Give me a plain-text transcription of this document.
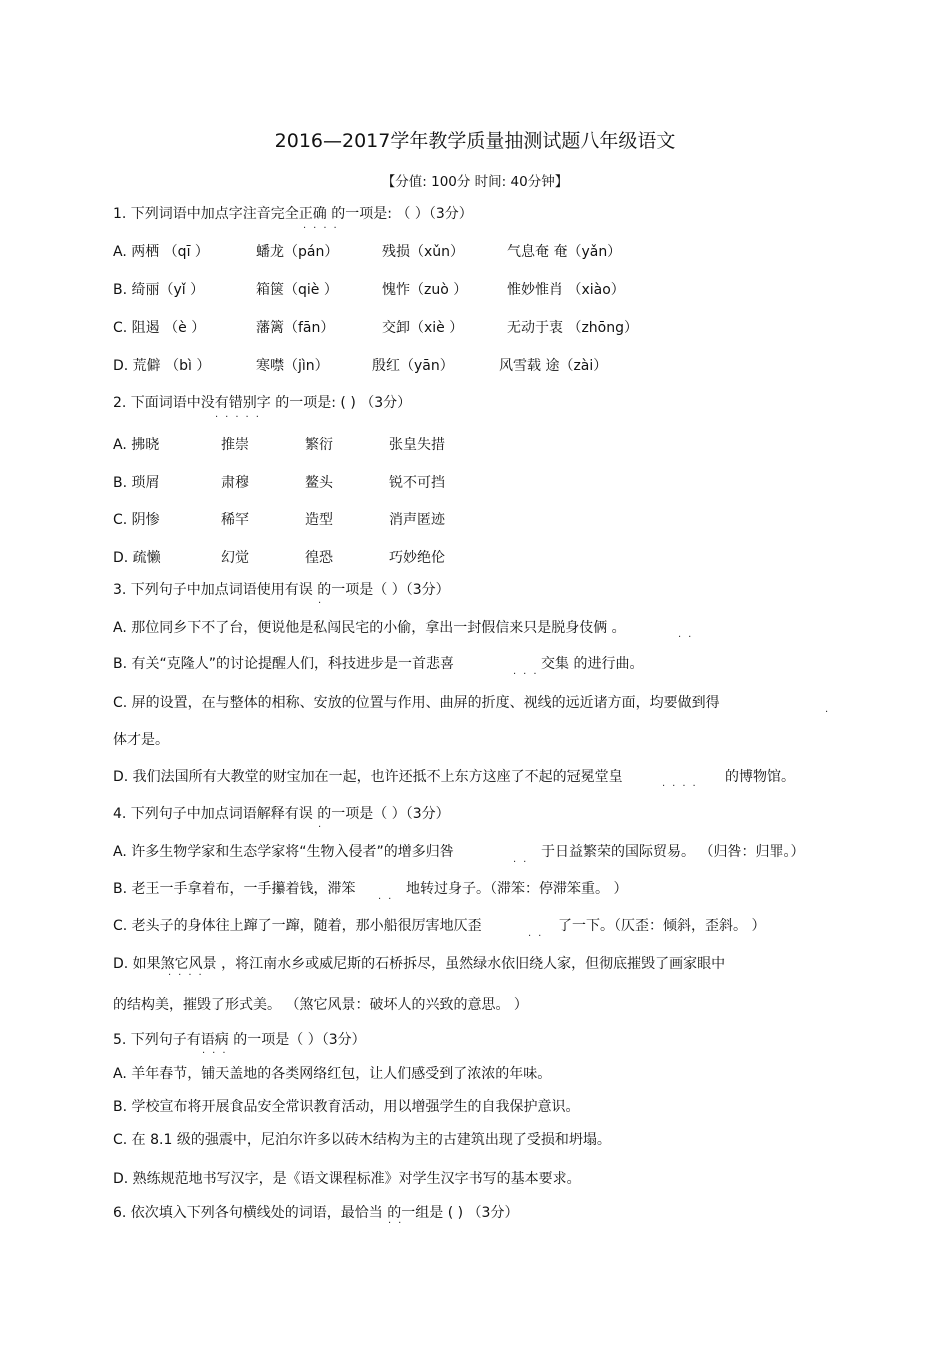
2016—2017学年教学质量抽测试题八年级语文
【分值: 100分 时间: 40分钟】
1. 下列词语中加点字注音完全正确 的一项是: （ ）（3分）
····
A. 两栖 （qī ）	蟠龙（pán）	残损（xǔn）	气息奄 奄（yǎn）
B. 绮丽（yǐ ）	箱箧（qiè ）	愧怍（zuò ）	惟妙惟肖 （xiào）
C. 阻遏 （è ）	藩篱（fān）	交卸（xiè ）	无动于衷 （zhōng）
D. 荒僻 （bì ）	寒噤（jìn）	殷红（yān）	风雪载 途（zài）
2. 下面词语中没有错别字 的一项是: ( ) （3分）
·····
A. 拂晓	推崇	繁衍	张皇失措
B. 琐屑	肃穆	鳌头	锐不可挡
C. 阴惨	稀罕	造型	消声匿迹
D. 疏懒	幻觉	徨恐	巧妙绝伦
3. 下列句子中加点词语使用有误 的一项是（ ）（3分）
·
A. 那位同乡下不了台，便说他是私闯民宅的小偷，拿出一封假信来只是脱身伎俩 。
··
B. 有关“克隆人”的讨论提醒人们，科技进步是一首悲喜	交集 的进行曲。
···
C. 屏的设置，在与整体的相称、安放的位置与作用、曲屏的折度、视线的远近诸方面，均要做到得
·
体才是。
D. 我们法国所有大教堂的财宝加在一起，也许还抵不上东方这座了不起的冠冕堂皇	的博物馆。
····
4. 下列句子中加点词语解释有误 的一项是（ ）（3分）
·
A. 许多生物学家和生态学家将“生物入侵者”的增多归咎	于日益繁荣的国际贸易。 （归咎：归罪。）
··
B. 老王一手拿着布，一手攥着钱，滞笨	地转过身子。（滞笨：停滞笨重。 ）
··
C. 老头子的身体往上蹿了一蹿，随着，那小船很厉害地仄歪	了一下。（仄歪：倾斜，歪斜。 ）
··
D. 如果煞它风景 ，将江南水乡或威尼斯的石桥拆尽，虽然绿水依旧绕人家，但彻底摧毁了画家眼中
····
的结构美，摧毁了形式美。 （煞它风景：破坏人的兴致的意思。 ）
5. 下列句子有语病 的一项是（ ）（3分）
···
A. 羊年春节，铺天盖地的各类网络红包，让人们感受到了浓浓的年味。
B. 学校宣布将开展食品安全常识教育活动，用以增强学生的自我保护意识。
C. 在 8.1 级的强震中，尼泊尔许多以砖木结构为主的古建筑出现了受损和坍塌。
D. 熟练规范地书写汉字，是《语文课程标准》对学生汉字书写的基本要求。
6. 依次填入下列各句横线处的词语，最恰当 的一组是 ( ) （3分）
··
